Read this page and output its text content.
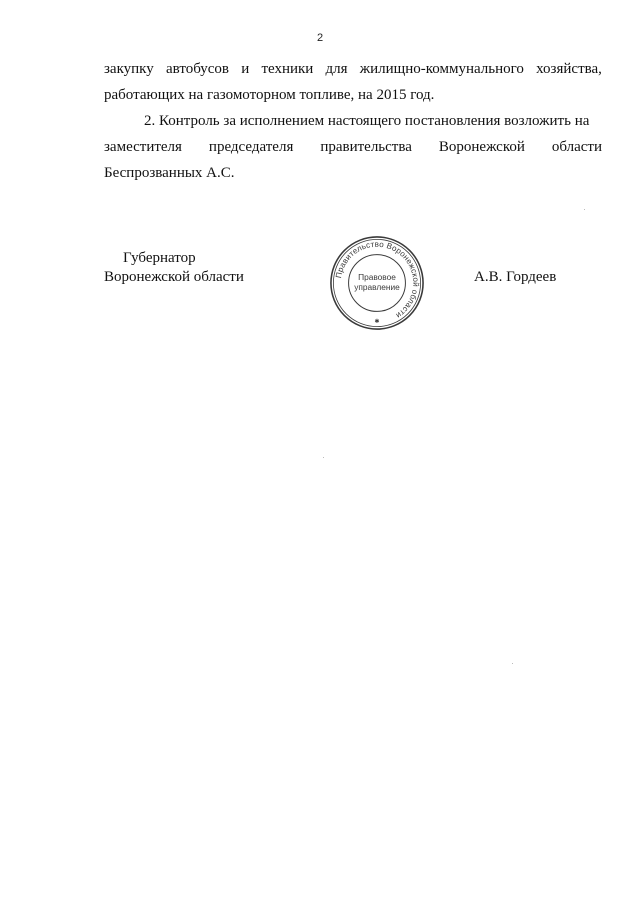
2
закупку автобусов и техники для жилищно-коммунального хозяйства,
работающих на газомоторном топливе, на 2015 год.
2. Контроль за исполнением настоящего постановления возложить на
заместителя председателя правительства Воронежской области
Беспрозванных А.С.
Губернатор
Воронежской области	Правительство Воронежской области
Правовое
управление
✱
А.В. Гордеев
